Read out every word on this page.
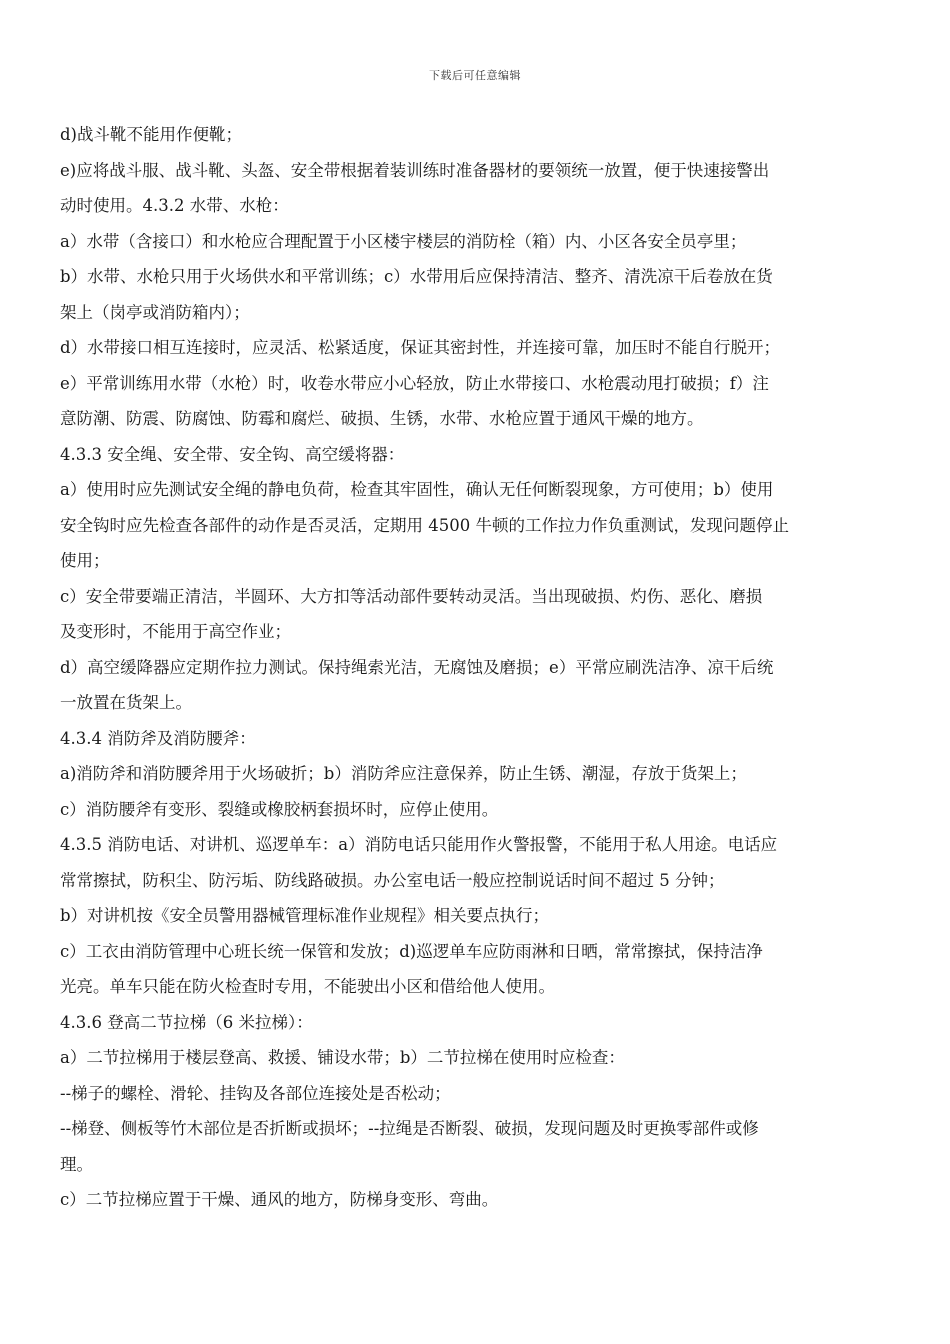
下载后可任意编辑
d)战斗靴不能用作便靴；
e)应将战斗服、战斗靴、头盔、安全带根据着装训练时准备器材的要领统一放置，便于快速接警出
动时使用。4.3.2 水带、水枪：
a）水带（含接口）和水枪应合理配置于小区楼宇楼层的消防栓（箱）内、小区各安全员亭里；
b）水带、水枪只用于火场供水和平常训练；c）水带用后应保持清洁、整齐、清洗凉干后卷放在货
架上（岗亭或消防箱内）；
d）水带接口相互连接时，应灵活、松紧适度，保证其密封性，并连接可靠，加压时不能自行脱开；
e）平常训练用水带（水枪）时，收卷水带应小心轻放，防止水带接口、水枪震动甩打破损；f）注
意防潮、防震、防腐蚀、防霉和腐烂、破损、生锈，水带、水枪应置于通风干燥的地方。
4.3.3 安全绳、安全带、安全钩、高空缓将器：
a）使用时应先测试安全绳的静电负荷，检查其牢固性，确认无任何断裂现象，方可使用；b）使用
安全钩时应先检查各部件的动作是否灵活，定期用 4500 牛顿的工作拉力作负重测试，发现问题停止
使用；
c）安全带要端正清洁，半圆环、大方扣等活动部件要转动灵活。当出现破损、灼伤、恶化、磨损
及变形时，不能用于高空作业；
d）高空缓降器应定期作拉力测试。保持绳索光洁，无腐蚀及磨损；e）平常应刷洗洁净、凉干后统
一放置在货架上。
4.3.4 消防斧及消防腰斧：
a)消防斧和消防腰斧用于火场破折；b）消防斧应注意保养，防止生锈、潮湿，存放于货架上；
c）消防腰斧有变形、裂缝或橡胶柄套损坏时，应停止使用。
4.3.5 消防电话、对讲机、巡逻单车：a）消防电话只能用作火警报警，不能用于私人用途。电话应
常常擦拭，防积尘、防污垢、防线路破损。办公室电话一般应控制说话时间不超过 5 分钟；
b）对讲机按《安全员警用器械管理标准作业规程》相关要点执行；
c）工衣由消防管理中心班长统一保管和发放；d)巡逻单车应防雨淋和日晒，常常擦拭，保持洁净
光亮。单车只能在防火检查时专用，不能驶出小区和借给他人使用。
4.3.6 登高二节拉梯（6 米拉梯）：
a）二节拉梯用于楼层登高、救援、铺设水带；b）二节拉梯在使用时应检查：
--梯子的螺栓、滑轮、挂钩及各部位连接处是否松动；
--梯登、侧板等竹木部位是否折断或损坏；--拉绳是否断裂、破损，发现问题及时更换零部件或修
理。
c）二节拉梯应置于干燥、通风的地方，防梯身变形、弯曲。
